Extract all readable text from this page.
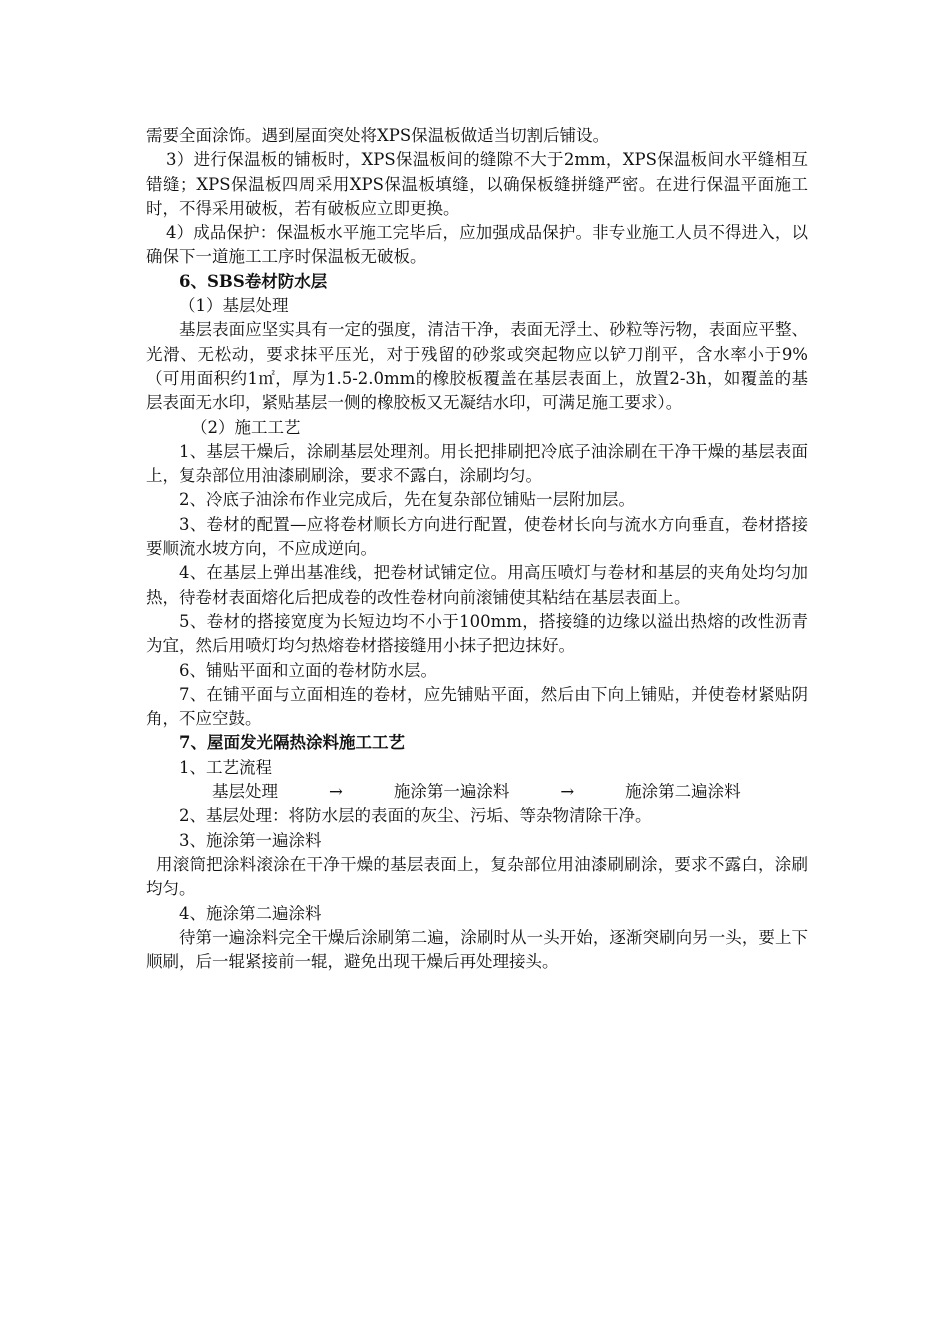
需要全面涂饰。遇到屋面突处将XPS保温板做适当切割后铺设。

3）进行保温板的铺板时，XPS保温板间的缝隙不大于2mm，XPS保温板间水平缝相互错缝；XPS保温板四周采用XPS保温板填缝，以确保板缝拼缝严密。在进行保温平面施工时，不得采用破板，若有破板应立即更换。

4）成品保护：保温板水平施工完毕后，应加强成品保护。非专业施工人员不得进入，以确保下一道施工工序时保温板无破板。

6、SBS卷材防水层

（1）基层处理

基层表面应坚实具有一定的强度，清洁干净，表面无浮土、砂粒等污物，表面应平整、光滑、无松动，要求抹平压光，对于残留的砂浆或突起物应以铲刀削平，含水率小于9%（可用面积约1㎡，厚为1.5-2.0mm的橡胶板覆盖在基层表面上，放置2-3h，如覆盖的基层表面无水印，紧贴基层一侧的橡胶板又无凝结水印，可满足施工要求）。

（2）施工工艺

1、基层干燥后，涂刷基层处理剂。用长把排刷把冷底子油涂刷在干净干燥的基层表面上，复杂部位用油漆刷刷涂，要求不露白，涂刷均匀。

2、冷底子油涂布作业完成后，先在复杂部位铺贴一层附加层。

3、卷材的配置—应将卷材顺长方向进行配置，使卷材长向与流水方向垂直，卷材搭接要顺流水坡方向，不应成逆向。

4、在基层上弹出基准线，把卷材试铺定位。用高压喷灯与卷材和基层的夹角处均匀加热，待卷材表面熔化后把成卷的改性卷材向前滚铺使其粘结在基层表面上。

5、卷材的搭接宽度为长短边均不小于100mm，搭接缝的边缘以溢出热熔的改性沥青为宜，然后用喷灯均匀热熔卷材搭接缝用小抹子把边抹好。

6、铺贴平面和立面的卷材防水层。

7、在铺平面与立面相连的卷材，应先铺贴平面，然后由下向上铺贴，并使卷材紧贴阴角，不应空鼓。

7、屋面发光隔热涂料施工工艺

1、工艺流程

基层处理	→	施涂第一遍涂料	→	施涂第二遍涂料

2、基层处理：将防水层的表面的灰尘、污垢、等杂物清除干净。

3、施涂第一遍涂料

用滚筒把涂料滚涂在干净干燥的基层表面上，复杂部位用油漆刷刷涂，要求不露白，涂刷均匀。

4、施涂第二遍涂料

待第一遍涂料完全干燥后涂刷第二遍，涂刷时从一头开始，逐渐突刷向另一头，要上下顺刷，后一辊紧接前一辊，避免出现干燥后再处理接头。
